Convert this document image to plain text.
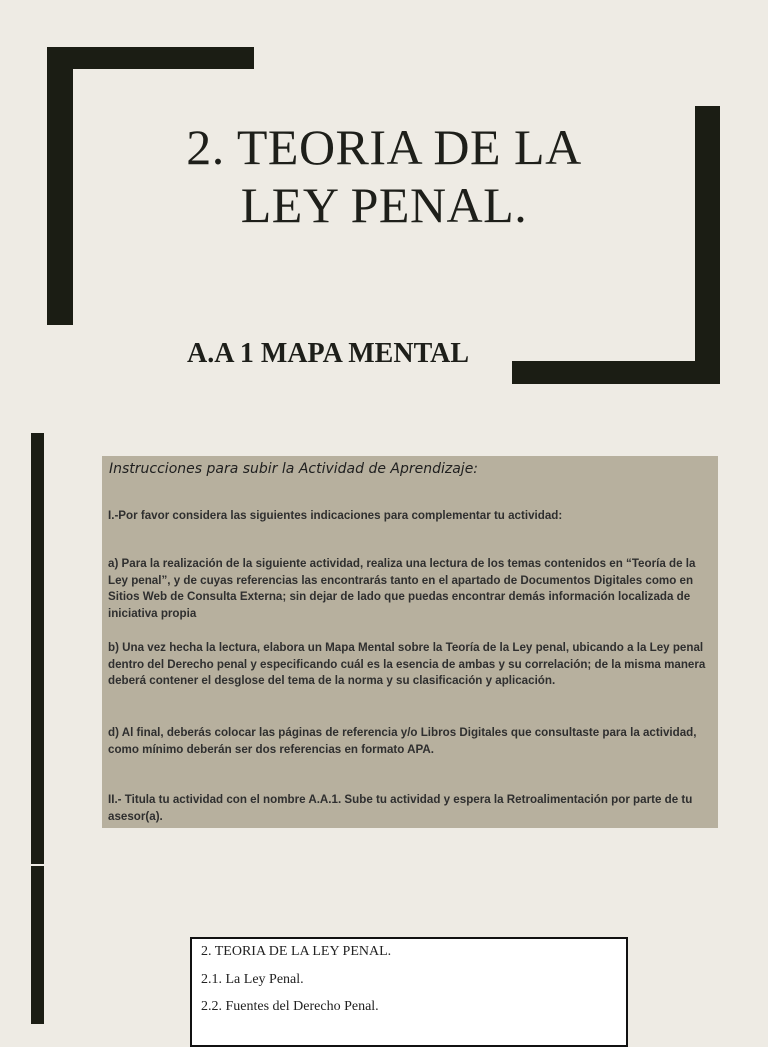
2. TEORIA DE LA
LEY PENAL.
A.A 1 MAPA MENTAL
Instrucciones para subir la Actividad de Aprendizaje:

I.-Por favor considera las siguientes indicaciones para complementar tu actividad:

a) Para la realización de la siguiente actividad, realiza una lectura de los temas contenidos en “Teoría de la Ley penal”, y de cuyas referencias las encontrarás tanto en el apartado de Documentos Digitales como en Sitios Web de Consulta Externa; sin dejar de lado que puedas encontrar demás información localizada de iniciativa propia

b) Una vez hecha la lectura, elabora un Mapa Mental sobre la Teoría de la Ley penal, ubicando a la Ley penal dentro del Derecho penal y especificando cuál es la esencia de ambas y su correlación; de la misma manera deberá contener el desglose del tema de la norma y su clasificación y aplicación.

d) Al final, deberás colocar las páginas de referencia y/o Libros Digitales que consultaste para la actividad, como mínimo deberán ser dos referencias en formato APA.

II.- Titula tu actividad con el nombre A.A.1. Sube tu actividad y espera la Retroalimentación por parte de tu asesor(a).

2. TEORIA DE LA LEY PENAL.
2.1. La Ley Penal.
2.2. Fuentes del Derecho Penal.
